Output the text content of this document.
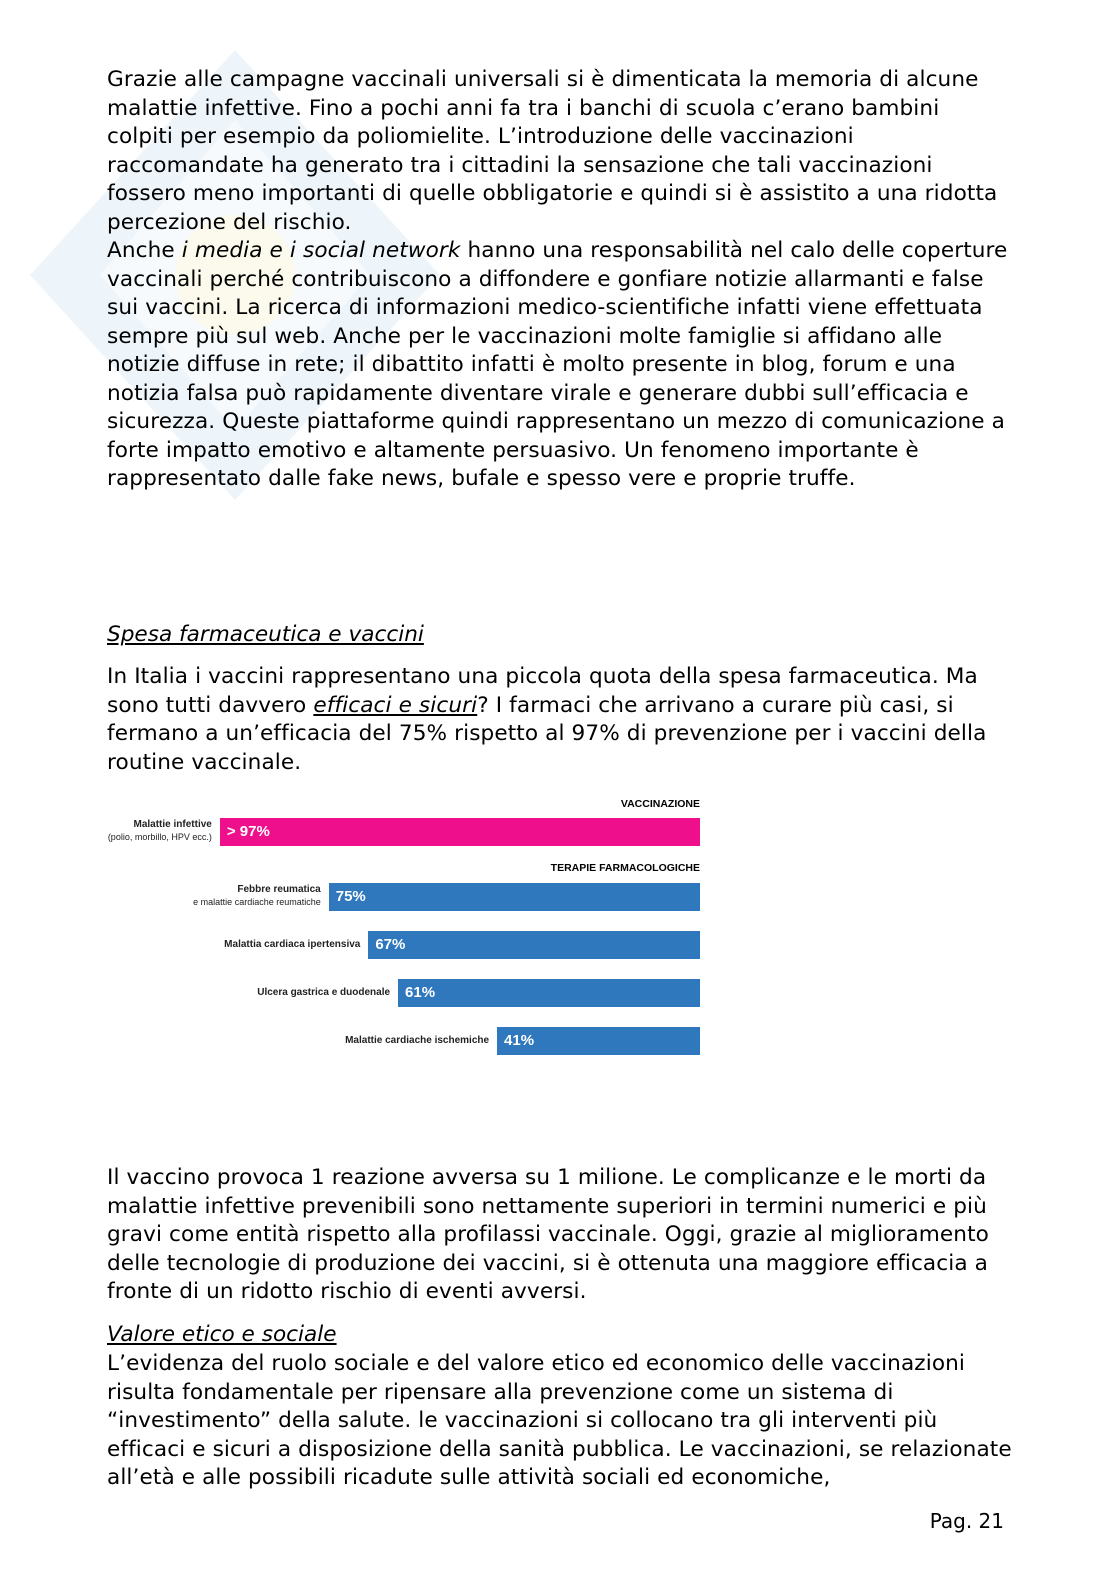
Grazie alle campagne vaccinali universali si è dimenticata la memoria di alcune malattie infettive. Fino a pochi anni fa tra i banchi di scuola c’erano bambini colpiti per esempio da poliomielite. L’introduzione delle vaccinazioni raccomandate ha generato tra i cittadini la sensazione che tali vaccinazioni fossero meno importanti di quelle obbligatorie e quindi si è assistito a una ridotta percezione del rischio.

Anche i media e i social network hanno una responsabilità nel calo delle coperture vaccinali perché contribuiscono a diffondere e gonfiare notizie allarmanti e false sui vaccini. La ricerca di informazioni medico-scientifiche infatti viene effettuata sempre più sul web. Anche per le vaccinazioni molte famiglie si affidano alle notizie diffuse in rete; il dibattito infatti è molto presente in blog, forum e una notizia falsa può rapidamente diventare virale e generare dubbi sull’efficacia e sicurezza. Queste piattaforme quindi rappresentano un mezzo di comunicazione a forte impatto emotivo e altamente persuasivo. Un fenomeno importante è rappresentato dalle fake news, bufale e spesso vere e proprie truffe.

Spesa farmaceutica e vaccini

In Italia i vaccini rappresentano una piccola quota della spesa farmaceutica. Ma sono tutti davvero efficaci e sicuri? I farmaci che arrivano a curare più casi, si fermano a un’efficacia del 75% rispetto al 97% di prevenzione per i vaccini della routine vaccinale.

VACCINAZIONE
> 97%
Malattie infettive
(polio, morbillo, HPV ecc.)
TERAPIE FARMACOLOGICHE
75%
Febbre reumatica
e malattie cardiache reumatiche
67%
Malattia cardiaca ipertensiva
61%
Ulcera gastrica e duodenale
41%
Malattie cardiache ischemiche

Il vaccino provoca 1 reazione avversa su 1 milione. Le complicanze e le morti da malattie infettive prevenibili sono nettamente superiori in termini numerici e più gravi come entità rispetto alla profilassi vaccinale. Oggi, grazie al miglioramento delle tecnologie di produzione dei vaccini, si è ottenuta una maggiore efficacia a fronte di un ridotto rischio di eventi avversi.

Valore etico e sociale

L’evidenza del ruolo sociale e del valore etico ed economico delle vaccinazioni risulta fondamentale per ripensare alla prevenzione come un sistema di “investimento” della salute. le vaccinazioni si collocano tra gli interventi più efficaci e sicuri a disposizione della sanità pubblica. Le vaccinazioni, se relazionate all’età e alle possibili ricadute sulle attività sociali ed economiche,

Pag. 21
